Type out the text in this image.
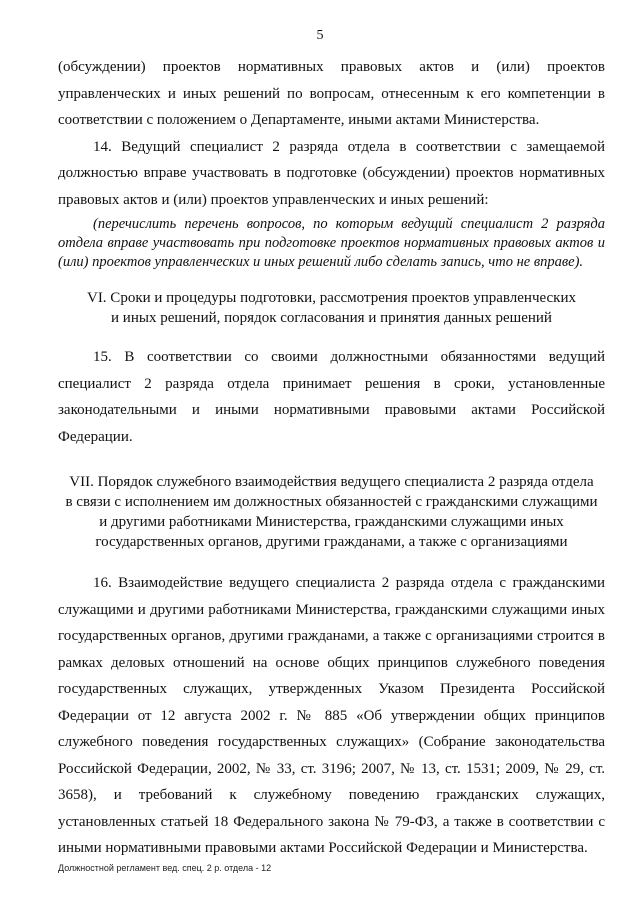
5

(обсуждении) проектов нормативных правовых актов и (или) проектов управленческих и иных решений по вопросам, отнесенным к его компетенции в соответствии с положением о Департаменте, иными актами Министерства.

14. Ведущий специалист 2 разряда отдела в соответствии с замещаемой должностью вправе участвовать в подготовке (обсуждении) проектов нормативных правовых актов и (или) проектов управленческих и иных решений:

(перечислить перечень вопросов, по которым ведущий специалист 2 разряда отдела вправе участвовать при подготовке проектов нормативных правовых актов и (или) проектов управленческих и иных решений либо сделать запись, что не вправе).

VI. Сроки и процедуры подготовки, рассмотрения проектов управленческих
и иных решений, порядок согласования и принятия данных решений

15. В соответствии со своими должностными обязанностями ведущий специалист 2 разряда отдела принимает решения в сроки, установленные законодательными и иными нормативными правовыми актами Российской Федерации.

VII. Порядок служебного взаимодействия ведущего специалиста 2 разряда отдела
в связи с исполнением им должностных обязанностей с гражданскими служащими
и другими работниками Министерства, гражданскими служащими иных
государственных органов, другими гражданами, а также с организациями

16. Взаимодействие ведущего специалиста 2 разряда отдела с гражданскими служащими и другими работниками Министерства, гражданскими служащими иных государственных органов, другими гражданами, а также с организациями строится в рамках деловых отношений на основе общих принципов служебного поведения государственных служащих, утвержденных Указом Президента Российской Федерации от 12 августа 2002 г. № 885 «Об утверждении общих принципов служебного поведения государственных служащих» (Собрание законодательства Российской Федерации, 2002, № 33, ст. 3196; 2007, № 13, ст. 1531; 2009, № 29, ст. 3658), и требований к служебному поведению гражданских служащих, установленных статьей 18 Федерального закона № 79-ФЗ, а также в соответствии с иными нормативными правовыми актами Российской Федерации и Министерства.

Должностной регламент вед. спец. 2 р. отдела - 12
